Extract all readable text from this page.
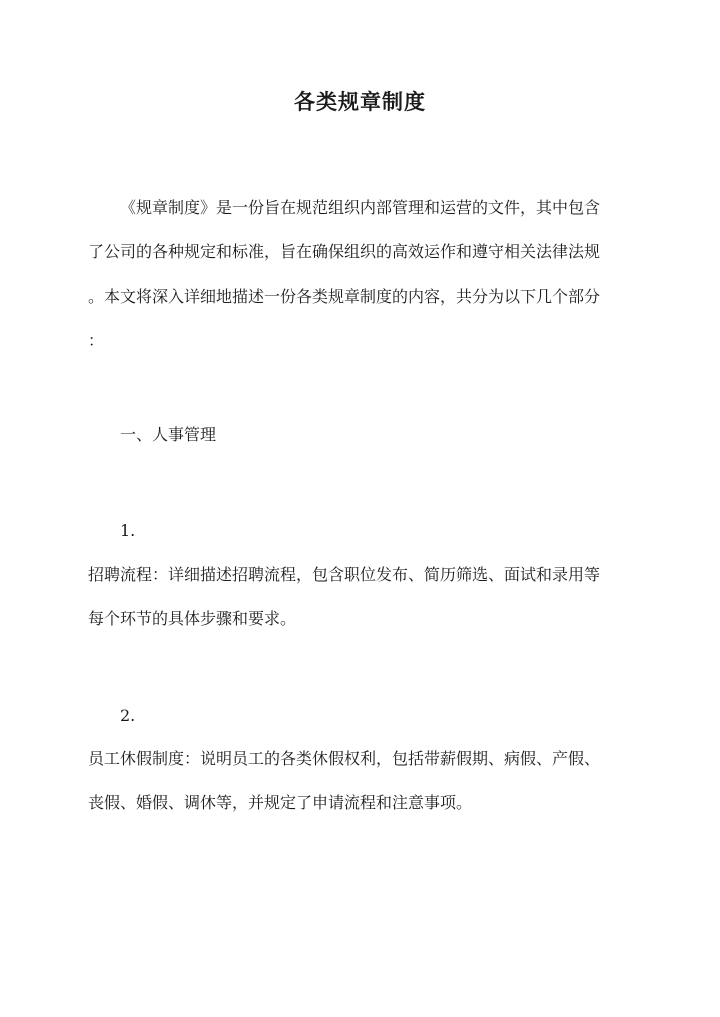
各类规章制度
《规章制度》是一份旨在规范组织内部管理和运营的文件，其中包含
了公司的各种规定和标准，旨在确保组织的高效运作和遵守相关法律法规
。本文将深入详细地描述一份各类规章制度的内容，共分为以下几个部分
：
一、人事管理
1.
招聘流程：详细描述招聘流程，包含职位发布、简历筛选、面试和录用等
每个环节的具体步骤和要求。
2.
员工休假制度：说明员工的各类休假权利，包括带薪假期、病假、产假、
丧假、婚假、调休等，并规定了申请流程和注意事项。
